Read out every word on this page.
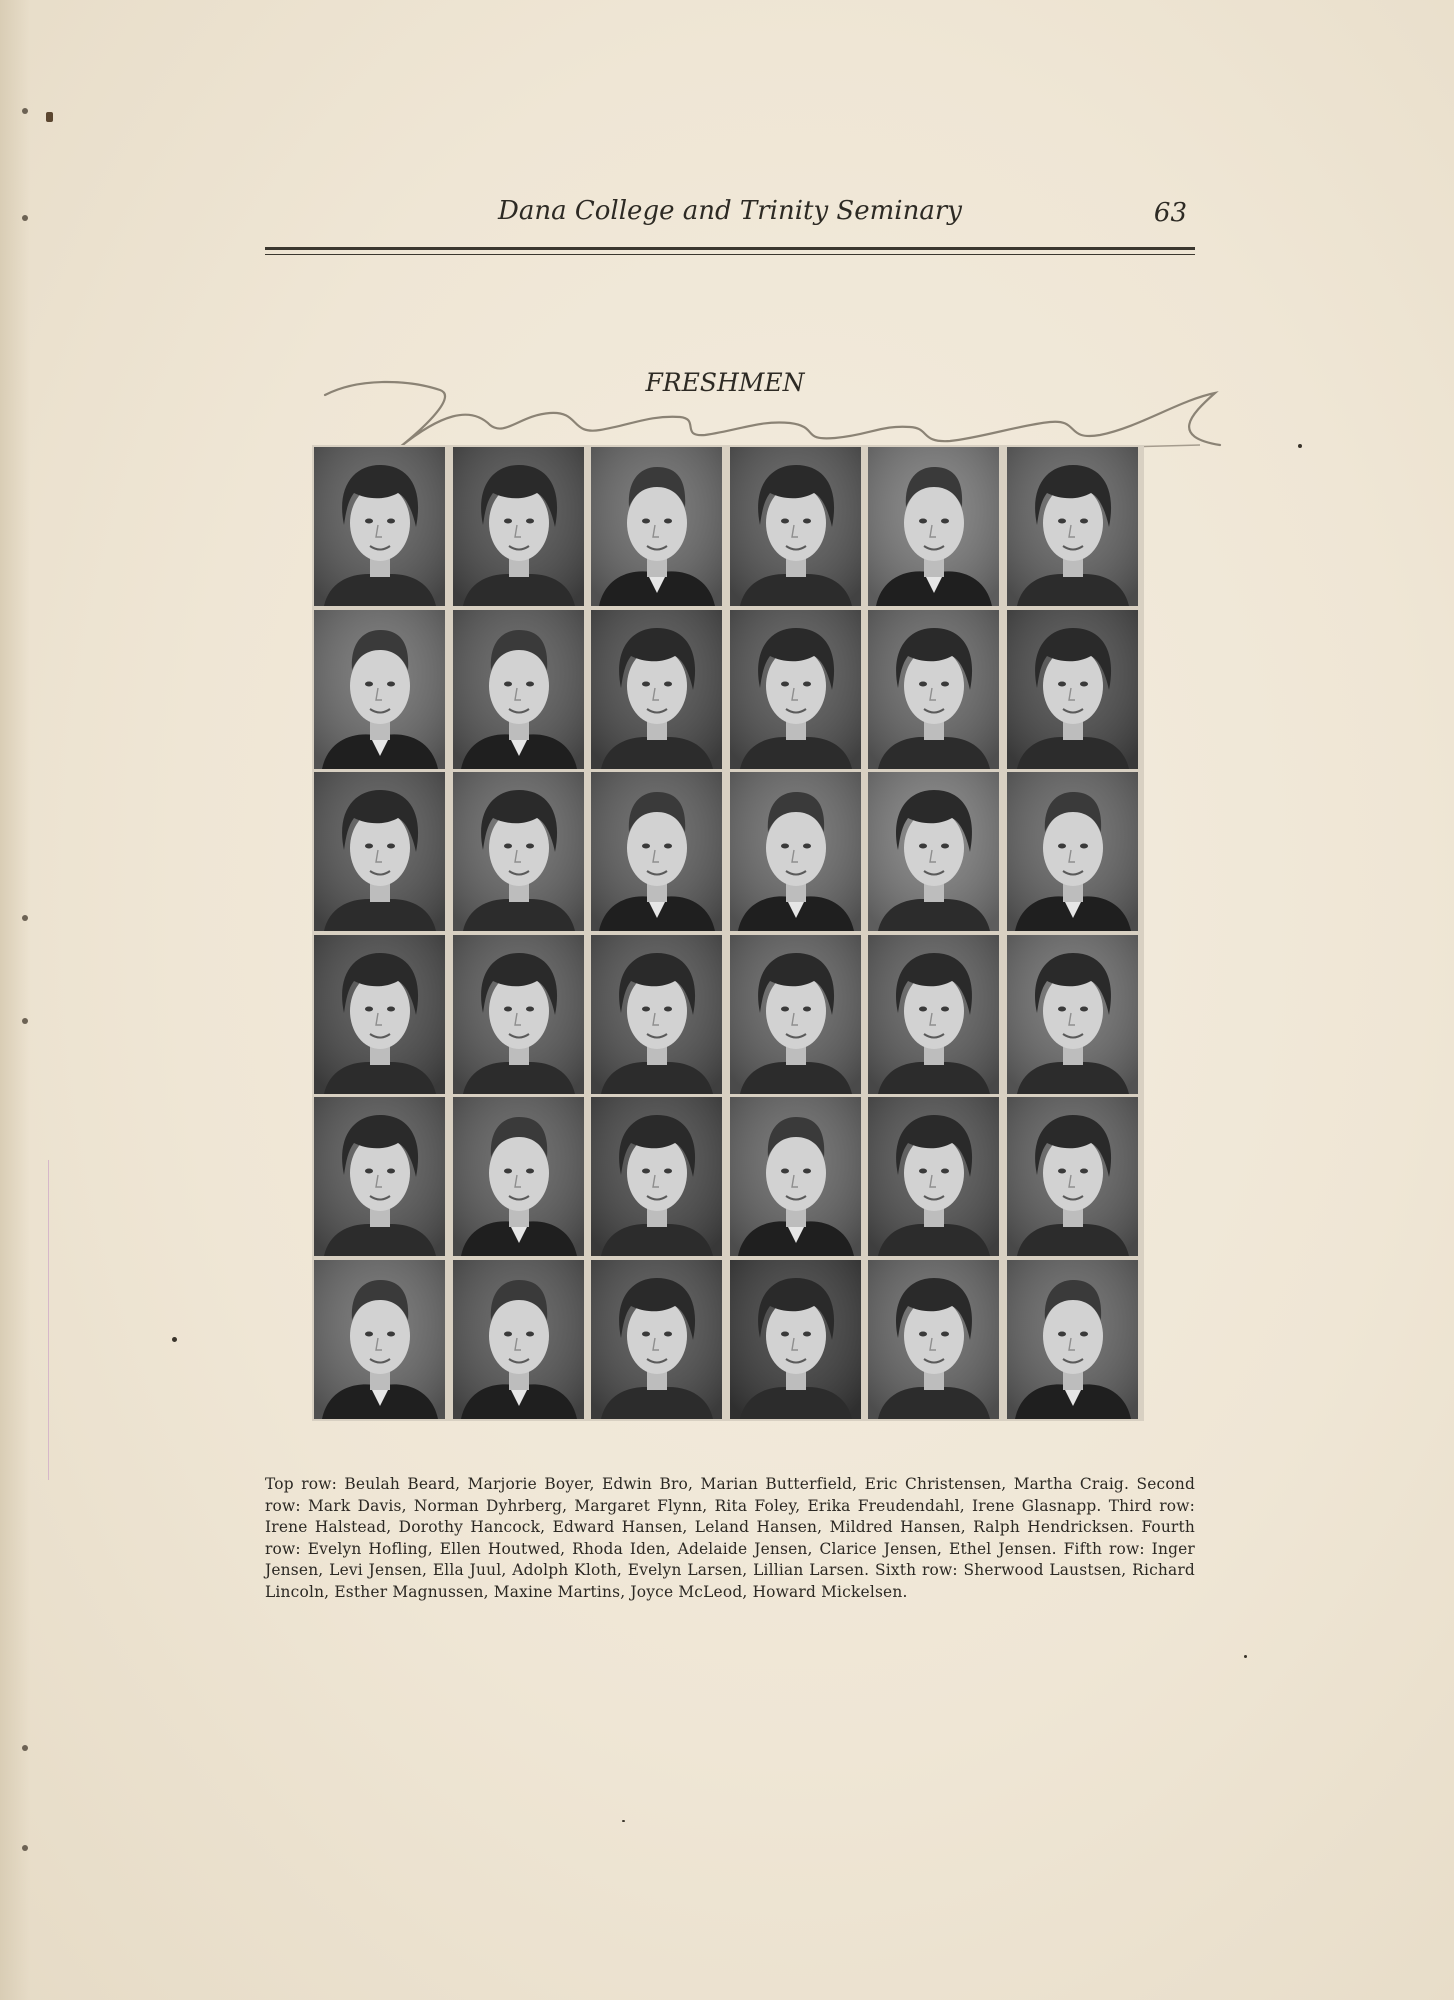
Dana College and Trinity Seminary	63
FRESHMEN
Top row: Beulah Beard, Marjorie Boyer, Edwin Bro, Marian Butterfield, Eric Christensen, Martha Craig. Second row: Mark Davis, Norman Dyhrberg, Margaret Flynn, Rita Foley, Erika Freudendahl, Irene Glasnapp. Third row: Irene Halstead, Dorothy Hancock, Edward Hansen, Leland Hansen, Mildred Hansen, Ralph Hendricksen. Fourth row: Evelyn Hofling, Ellen Houtwed, Rhoda Iden, Adelaide Jensen, Clarice Jensen, Ethel Jensen. Fifth row: Inger Jensen, Levi Jensen, Ella Juul, Adolph Kloth, Evelyn Larsen, Lillian Larsen. Sixth row: Sherwood Laustsen, Richard Lincoln, Esther Magnussen, Maxine Martins, Joyce McLeod, Howard Mickelsen.
